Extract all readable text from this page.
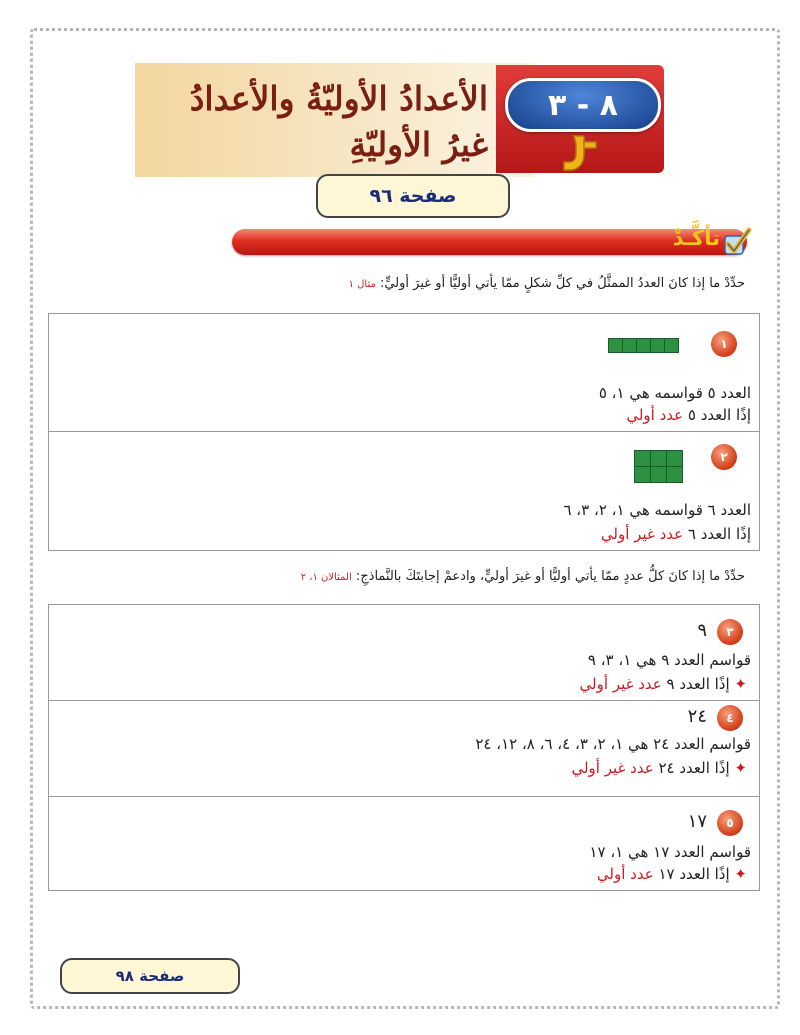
٨ - ٣
الأعدادُ الأوليّةُ والأعدادُ
غيرُ الأوليّةِ
صفحة ٩٦
تأكَّـدْ
حدِّدْ ما إذا كانَ العددُ الممثَّلُ في كلِّ شكلٍ ممّا يأتي أوليًّا أو غيرَ أوليٍّ: مثال ١
١
العدد ٥ قواسمه هي ١، ٥
إذًا العدد ٥ عدد أولي
٢
العدد ٦ قواسمه هي ١، ٢، ٣، ٦
إذًا العدد ٦ عدد غير أولي
حدِّدْ ما إذا كانَ كلُّ عددٍ ممّا يأتي أوليًّا أو غيرَ أوليٍّ، وادعمْ إجابتَكَ بالنَّماذجِ: المثالان ١، ٢
٣
٩
قواسم العدد ٩ هي ١، ٣، ٩
✦ إذًا العدد ٩ عدد غير أولي
٤
٢٤
قواسم العدد ٢٤ هي ١، ٢، ٣، ٤، ٦، ٨، ١٢، ٢٤
✦ إذًا العدد ٢٤ عدد غير أولي
٥
١٧
قواسم العدد ١٧ هي ١، ١٧
✦ إذًا العدد ١٧ عدد أولي
صفحة ٩٨
